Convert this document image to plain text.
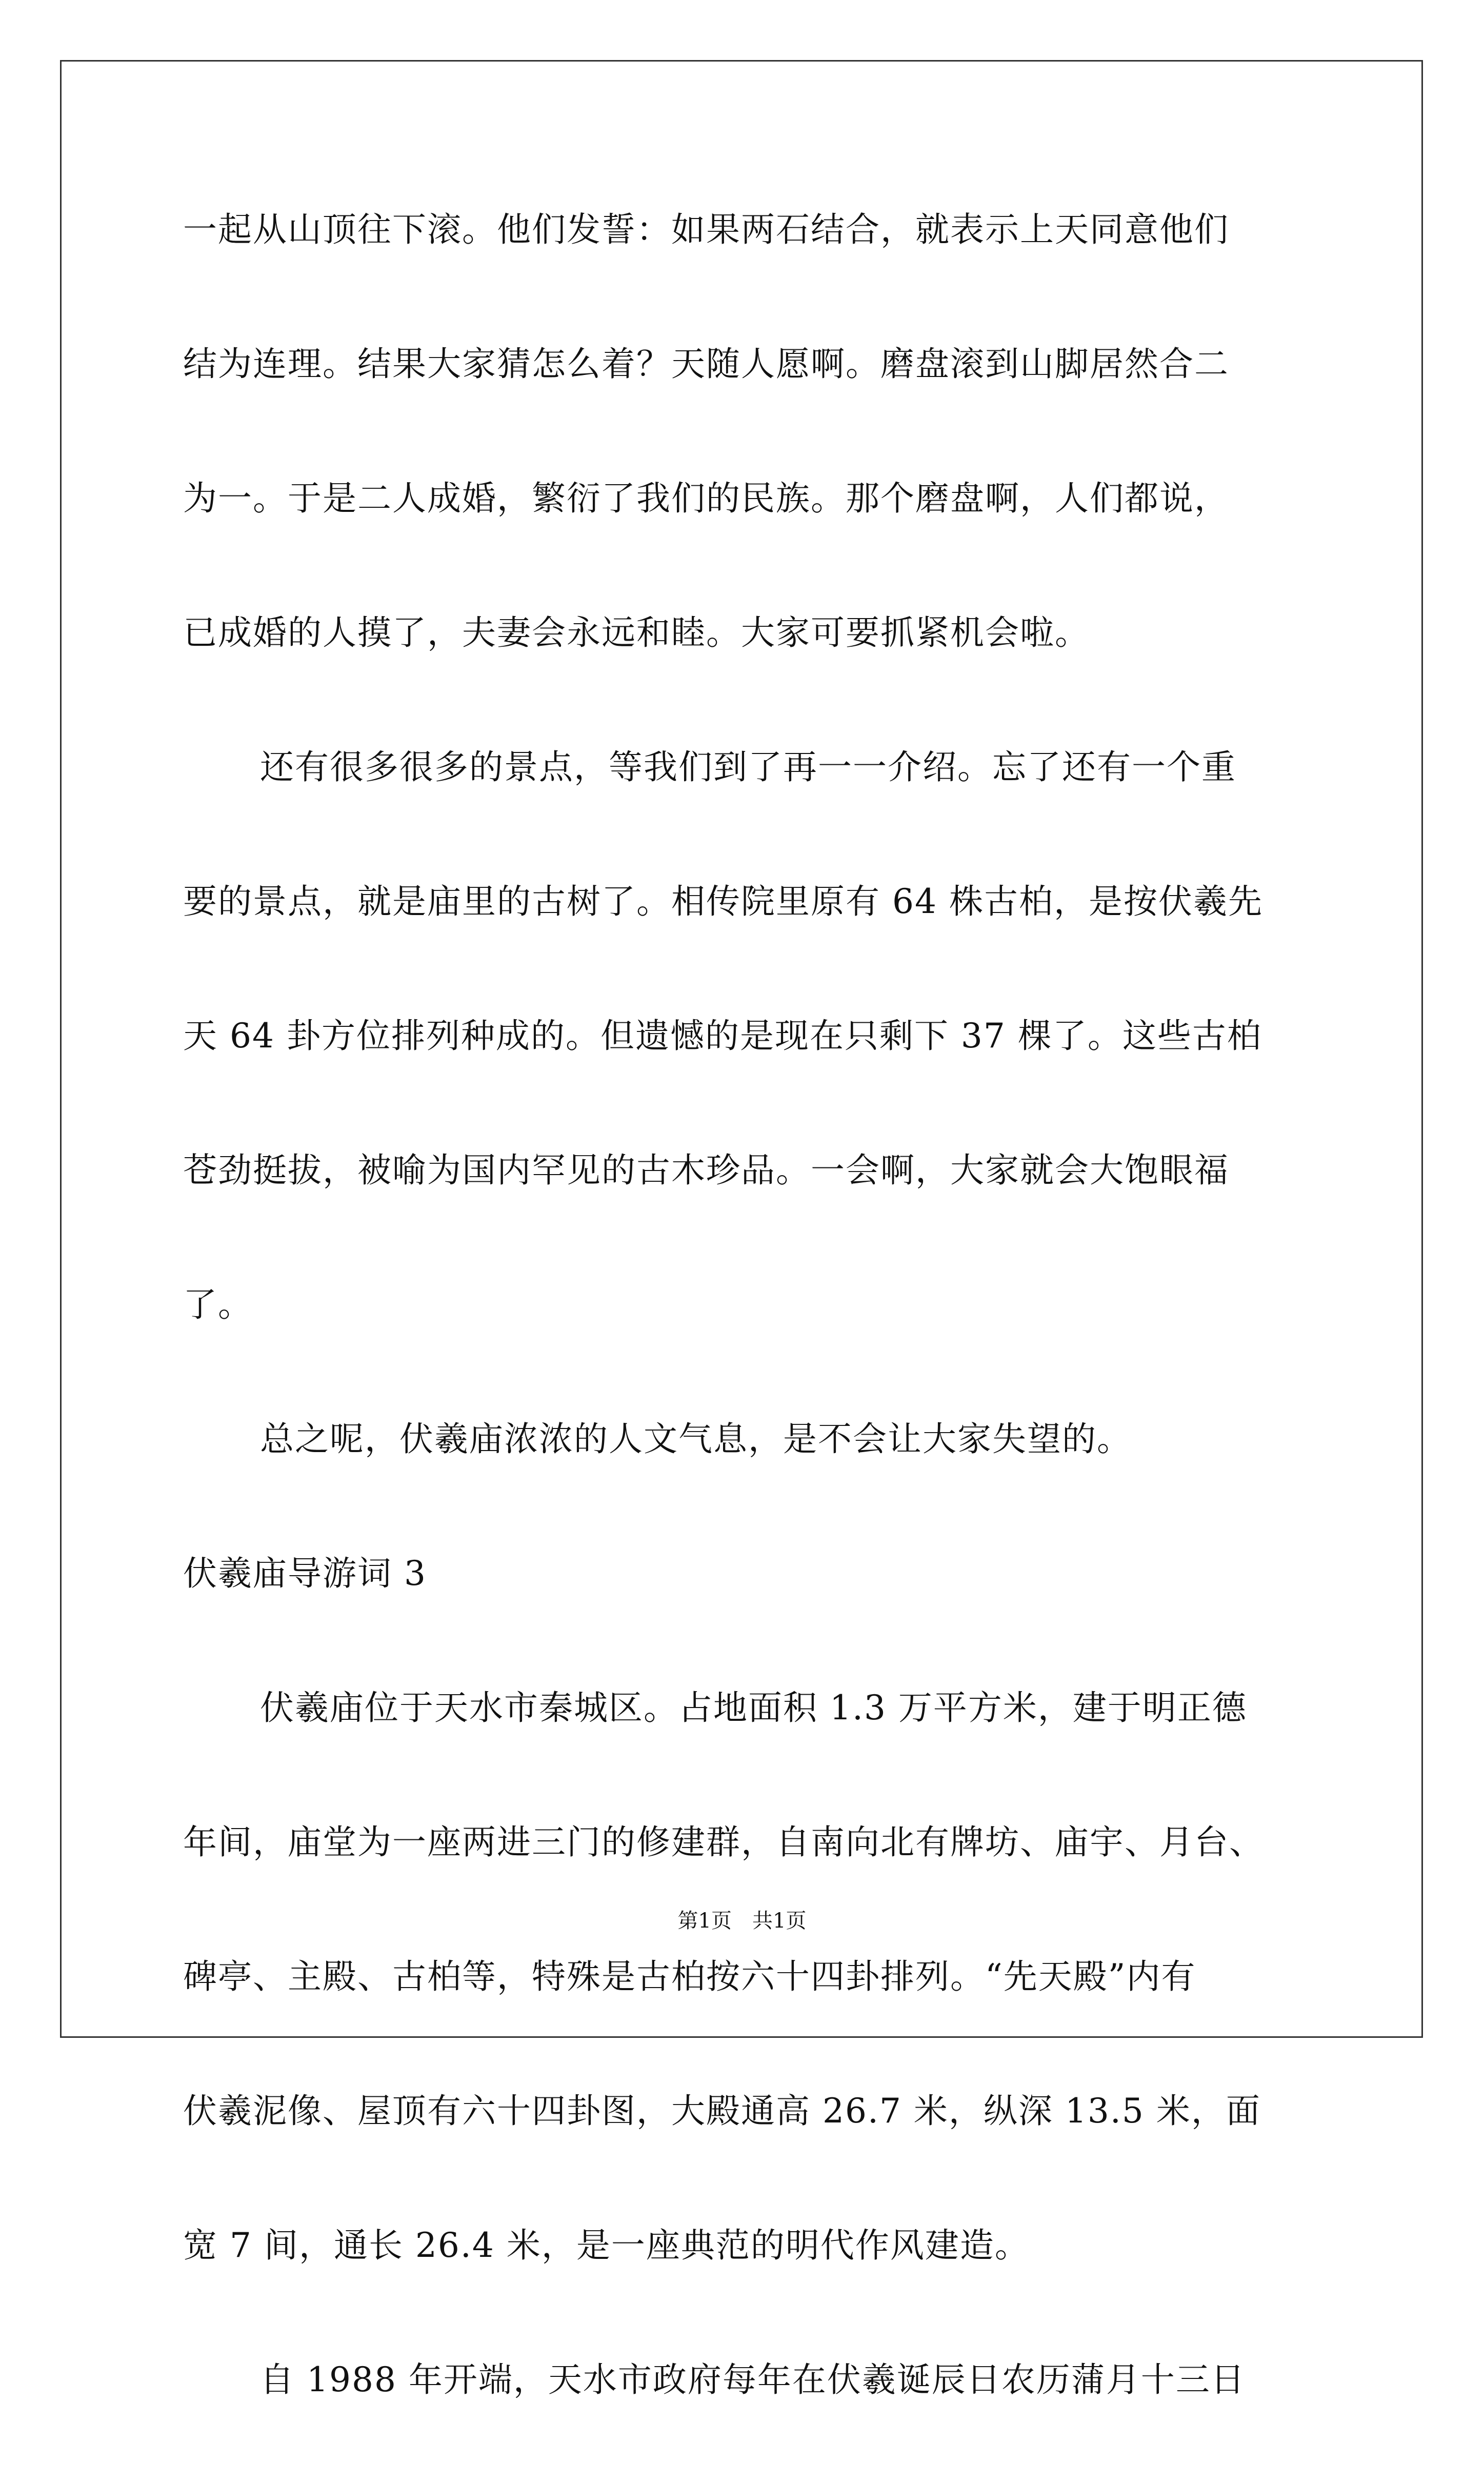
一起从山顶往下滚。他们发誓：如果两石结合，就表示上天同意他们
结为连理。结果大家猜怎么着？天随人愿啊。磨盘滚到山脚居然合二
为一。于是二人成婚，繁衍了我们的民族。那个磨盘啊，人们都说，
已成婚的人摸了，夫妻会永远和睦。大家可要抓紧机会啦。
还有很多很多的景点，等我们到了再一一介绍。忘了还有一个重
要的景点，就是庙里的古树了。相传院里原有 64 株古柏，是按伏羲先
天 64 卦方位排列种成的。但遗憾的是现在只剩下 37 棵了。这些古柏
苍劲挺拔，被喻为国内罕见的古木珍品。一会啊，大家就会大饱眼福
了。
总之呢，伏羲庙浓浓的人文气息，是不会让大家失望的。
伏羲庙导游词 3
伏羲庙位于天水市秦城区。占地面积 1.3 万平方米，建于明正德
年间，庙堂为一座两进三门的修建群，自南向北有牌坊、庙宇、月台、
碑亭、主殿、古柏等，特殊是古柏按六十四卦排列。“先天殿”内有
伏羲泥像、屋顶有六十四卦图，大殿通高 26.7 米，纵深 13.5 米，面
宽 7 间，通长 26.4 米，是一座典范的明代作风建造。
自 1988 年开端，天水市政府每年在伏羲诞辰日农历蒲月十三日
第1页　共1页
